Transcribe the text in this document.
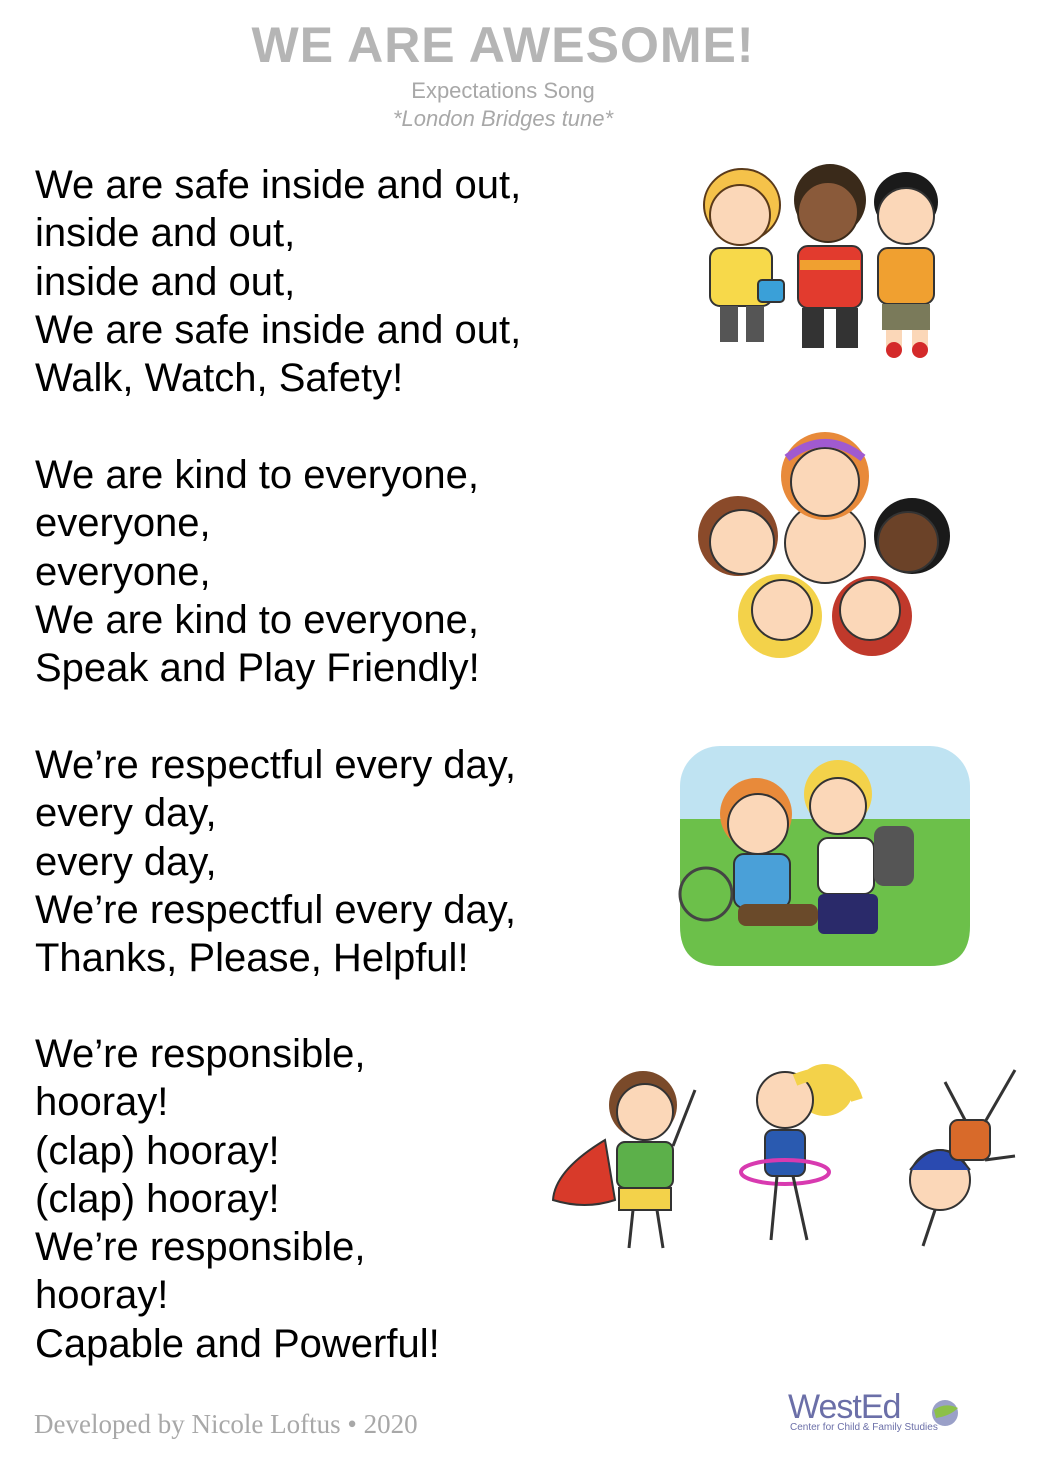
WE ARE AWESOME!
Expectations Song
*London Bridges tune*
We are safe inside and out,
inside and out,
inside and out,
We are safe inside and out,
Walk, Watch, Safety!
We are kind to everyone,
everyone,
everyone,
We are kind to everyone,
Speak and Play Friendly!
We’re respectful every day,
every day,
every day,
We’re respectful every day,
Thanks, Please, Helpful!
We’re responsible,
hooray!
(clap) hooray!
(clap) hooray!
We’re responsible,
hooray!
Capable and Powerful!
Developed by Nicole Loftus • 2020	WestEd
Center for Child & Family Studies
